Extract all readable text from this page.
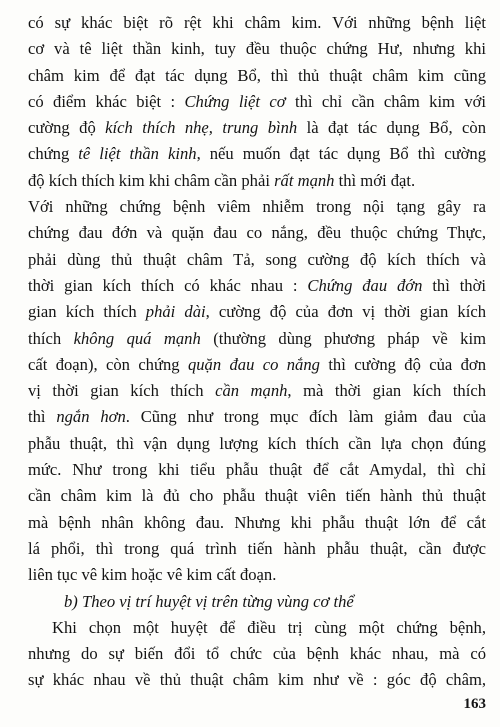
có sự khác biệt rõ rệt khi châm kim. Với những bệnh liệt
cơ và tê liệt thần kinh, tuy đều thuộc chứng Hư, nhưng khi
châm kim để đạt tác dụng Bổ, thì thủ thuật châm kim cũng
có điểm khác biệt : Chứng liệt cơ thì chỉ cần châm kim với
cường độ kích thích nhẹ, trung bình là đạt tác dụng Bổ, còn
chứng tê liệt thần kinh, nếu muốn đạt tác dụng Bổ thì cường
độ kích thích kim khi châm cần phải rất mạnh thì mới đạt.
Với những chứng bệnh viêm nhiễm trong nội tạng gây ra
chứng đau đớn và quặn đau co nắng, đều thuộc chứng Thực,
phải dùng thủ thuật châm Tả, song cường độ kích thích và
thời gian kích thích có khác nhau : Chứng đau đớn thì thời
gian kích thích phải dài, cường độ của đơn vị thời gian kích
thích không quá mạnh (thường dùng phương pháp về kim
cất đoạn), còn chứng quặn đau co nắng thì cường độ của đơn
vị thời gian kích thích cần mạnh, mà thời gian kích thích
thì ngắn hơn. Cũng như trong mục đích làm giảm đau của
phẫu thuật, thì vận dụng lượng kích thích cần lựa chọn đúng
mức. Như trong khi tiểu phẫu thuật để cắt Amydal, thì chỉ
cần châm kim là đủ cho phẫu thuật viên tiến hành thủ thuật
mà bệnh nhân không đau. Nhưng khi phẫu thuật lớn để cắt
lá phổi, thì trong quá trình tiến hành phẫu thuật, cần được
liên tục vê kim hoặc vê kim cất đoạn.
b) Theo vị trí huyệt vị trên từng vùng cơ thể
Khi chọn một huyệt để điều trị cùng một chứng bệnh,
nhưng do sự biến đổi tổ chức của bệnh khác nhau, mà có
sự khác nhau về thủ thuật châm kim như về : góc độ châm,
163
